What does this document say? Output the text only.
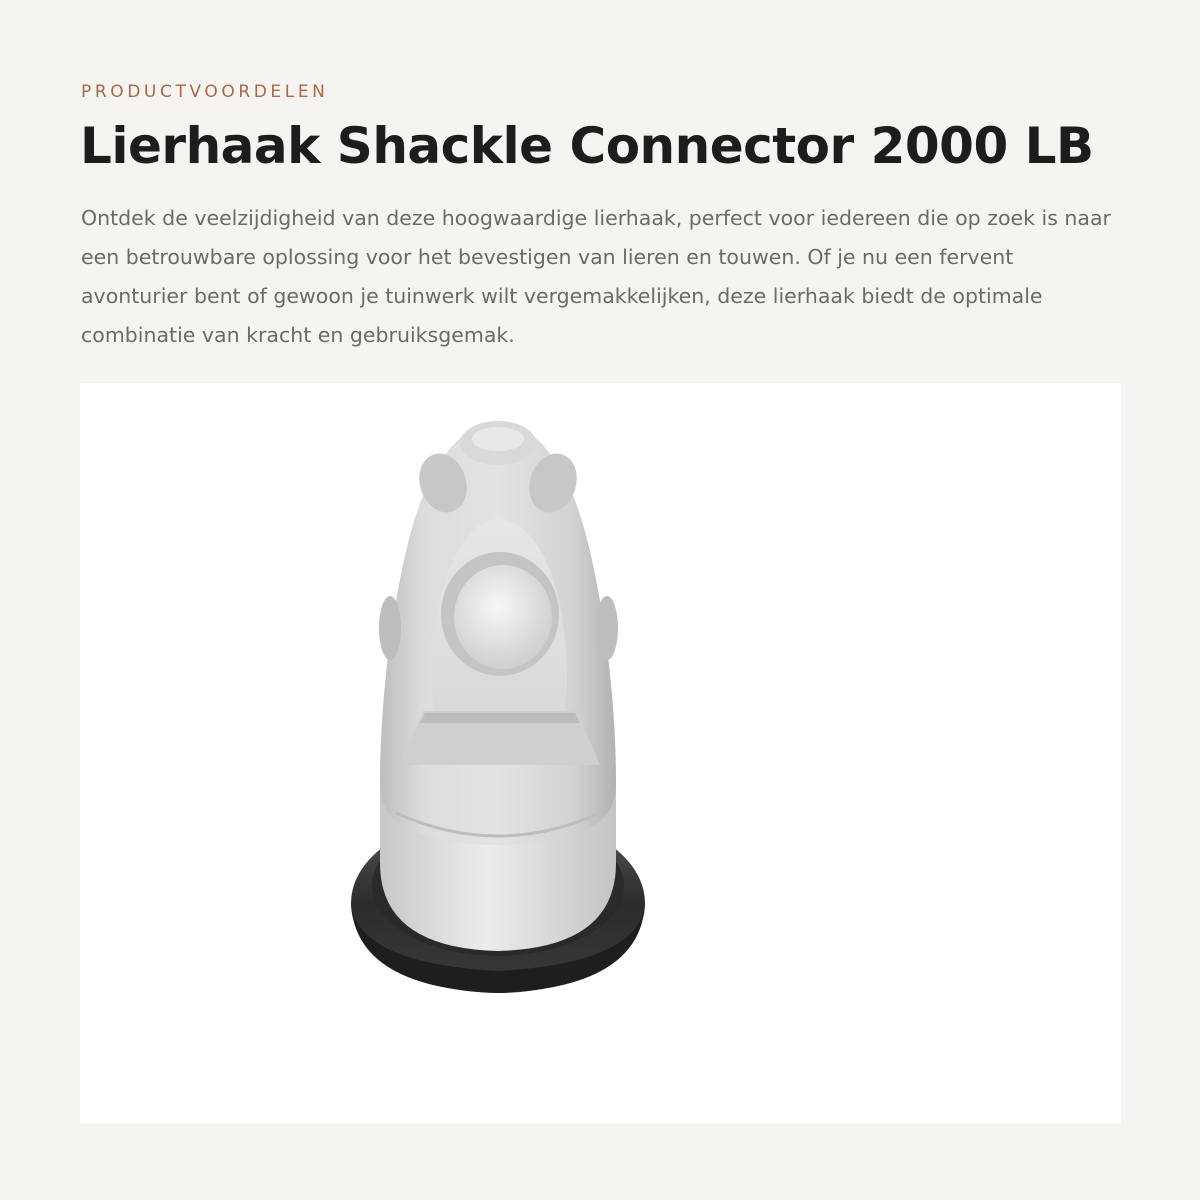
PRODUCTVOORDELEN
Lierhaak Shackle Connector 2000 LB

Ontdek de veelzijdigheid van deze hoogwaardige lierhaak, perfect voor iedereen die op zoek is naar een betrouwbare oplossing voor het bevestigen van lieren en touwen. Of je nu een fervent avonturier bent of gewoon je tuinwerk wilt vergemakkelijken, deze lierhaak biedt de optimale combinatie van kracht en gebruiksgemak.
